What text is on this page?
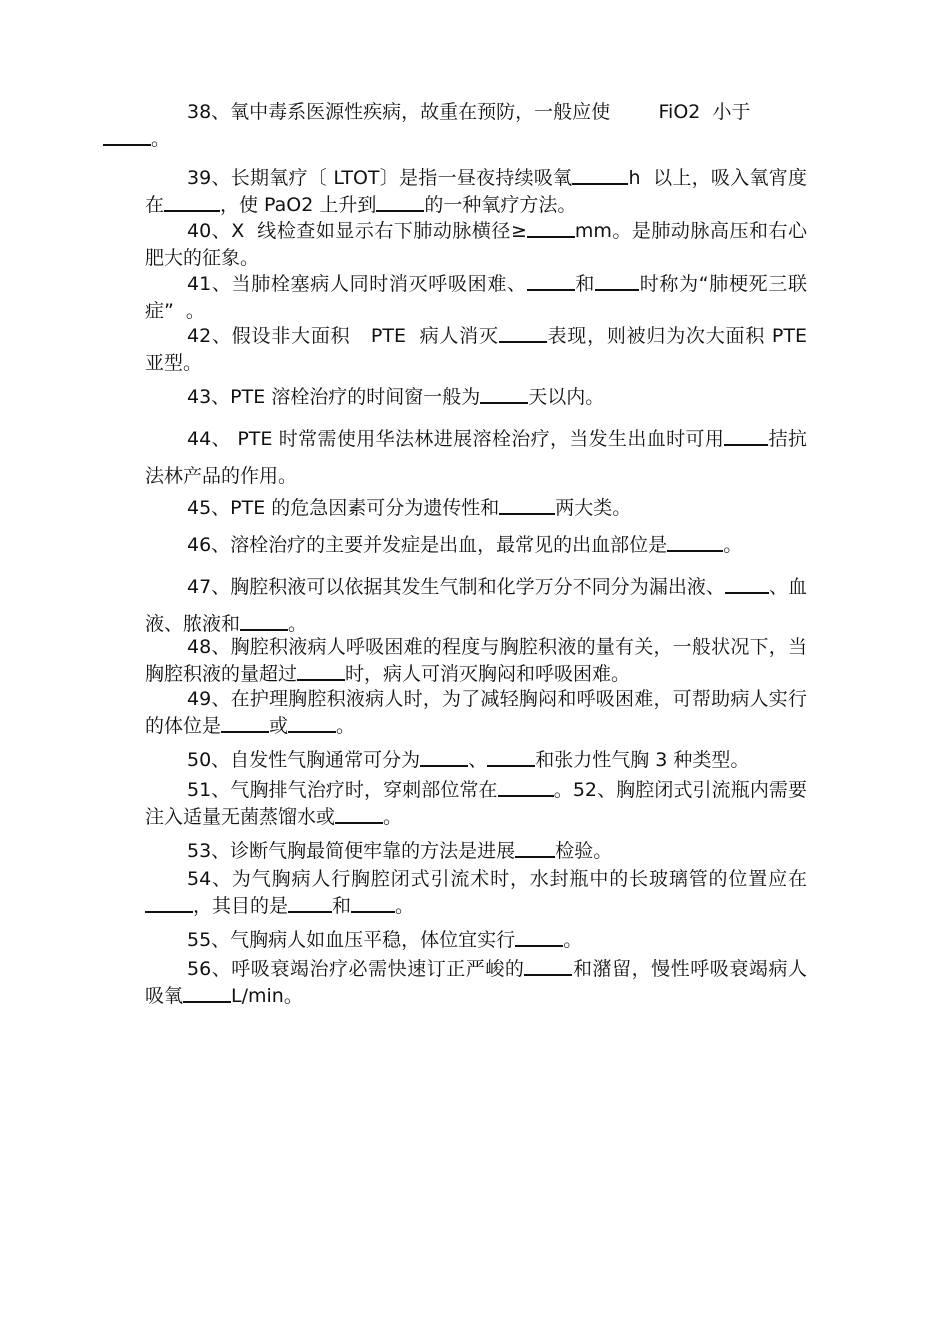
38、氧中毒系医源性疾病，故重在预防，一般应使        FiO2  小于
。

39、长期氧疗〔 LTOT〕是指一昼夜持续吸氧	h  以上，吸入氧宵度在	，使 PaO2 上升到	的一种氧疗方法。

40、X  线检查如显示右下肺动脉横径≥	mm。是肺动脉高压和右心肥大的征象。

41、当肺栓塞病人同时消灭呼吸困难、	和 时称为“肺梗死三联症”  。

42、假设非大面积   PTE  病人消灭	表现，则被归为次大面积 PTE 亚型。

43、PTE 溶栓治疗的时间窗一般为	天以内。

44、 PTE 时常需使用华法林进展溶栓治疗，当发生出血时可用 拮抗法林产品的作用。

45、PTE 的危急因素可分为遗传性和	两大类。

46、溶栓治疗的主要并发症是出血，最常见的出血部位是	。

47、胸腔积液可以依据其发生气制和化学万分不同分为漏出液、 、血液、脓液和	。

48、胸腔积液病人呼吸困难的程度与胸腔积液的量有关，一般状况下，当胸腔积液的量超过	时，病人可消灭胸闷和呼吸困难。

49、在护理胸腔积液病人时，为了减轻胸闷和呼吸困难，可帮助病人实行的体位是	或	。

50、自发性气胸通常可分为	、	和张力性气胸 3 种类型。

51、气胸排气治疗时，穿刺部位常在	。52、胸腔闭式引流瓶内需要注入适量无菌蒸馏水或	。

53、诊断气胸最简便牢靠的方法是进展 检验。

54、为气胸病人行胸腔闭式引流术时，水封瓶中的长玻璃管的位置应在，其目的是 和 。

55、气胸病人如血压平稳，体位宜实行	。

56、呼吸衰竭治疗必需快速订正严峻的	和潴留，慢性呼吸衰竭病人吸氧	L/min。
